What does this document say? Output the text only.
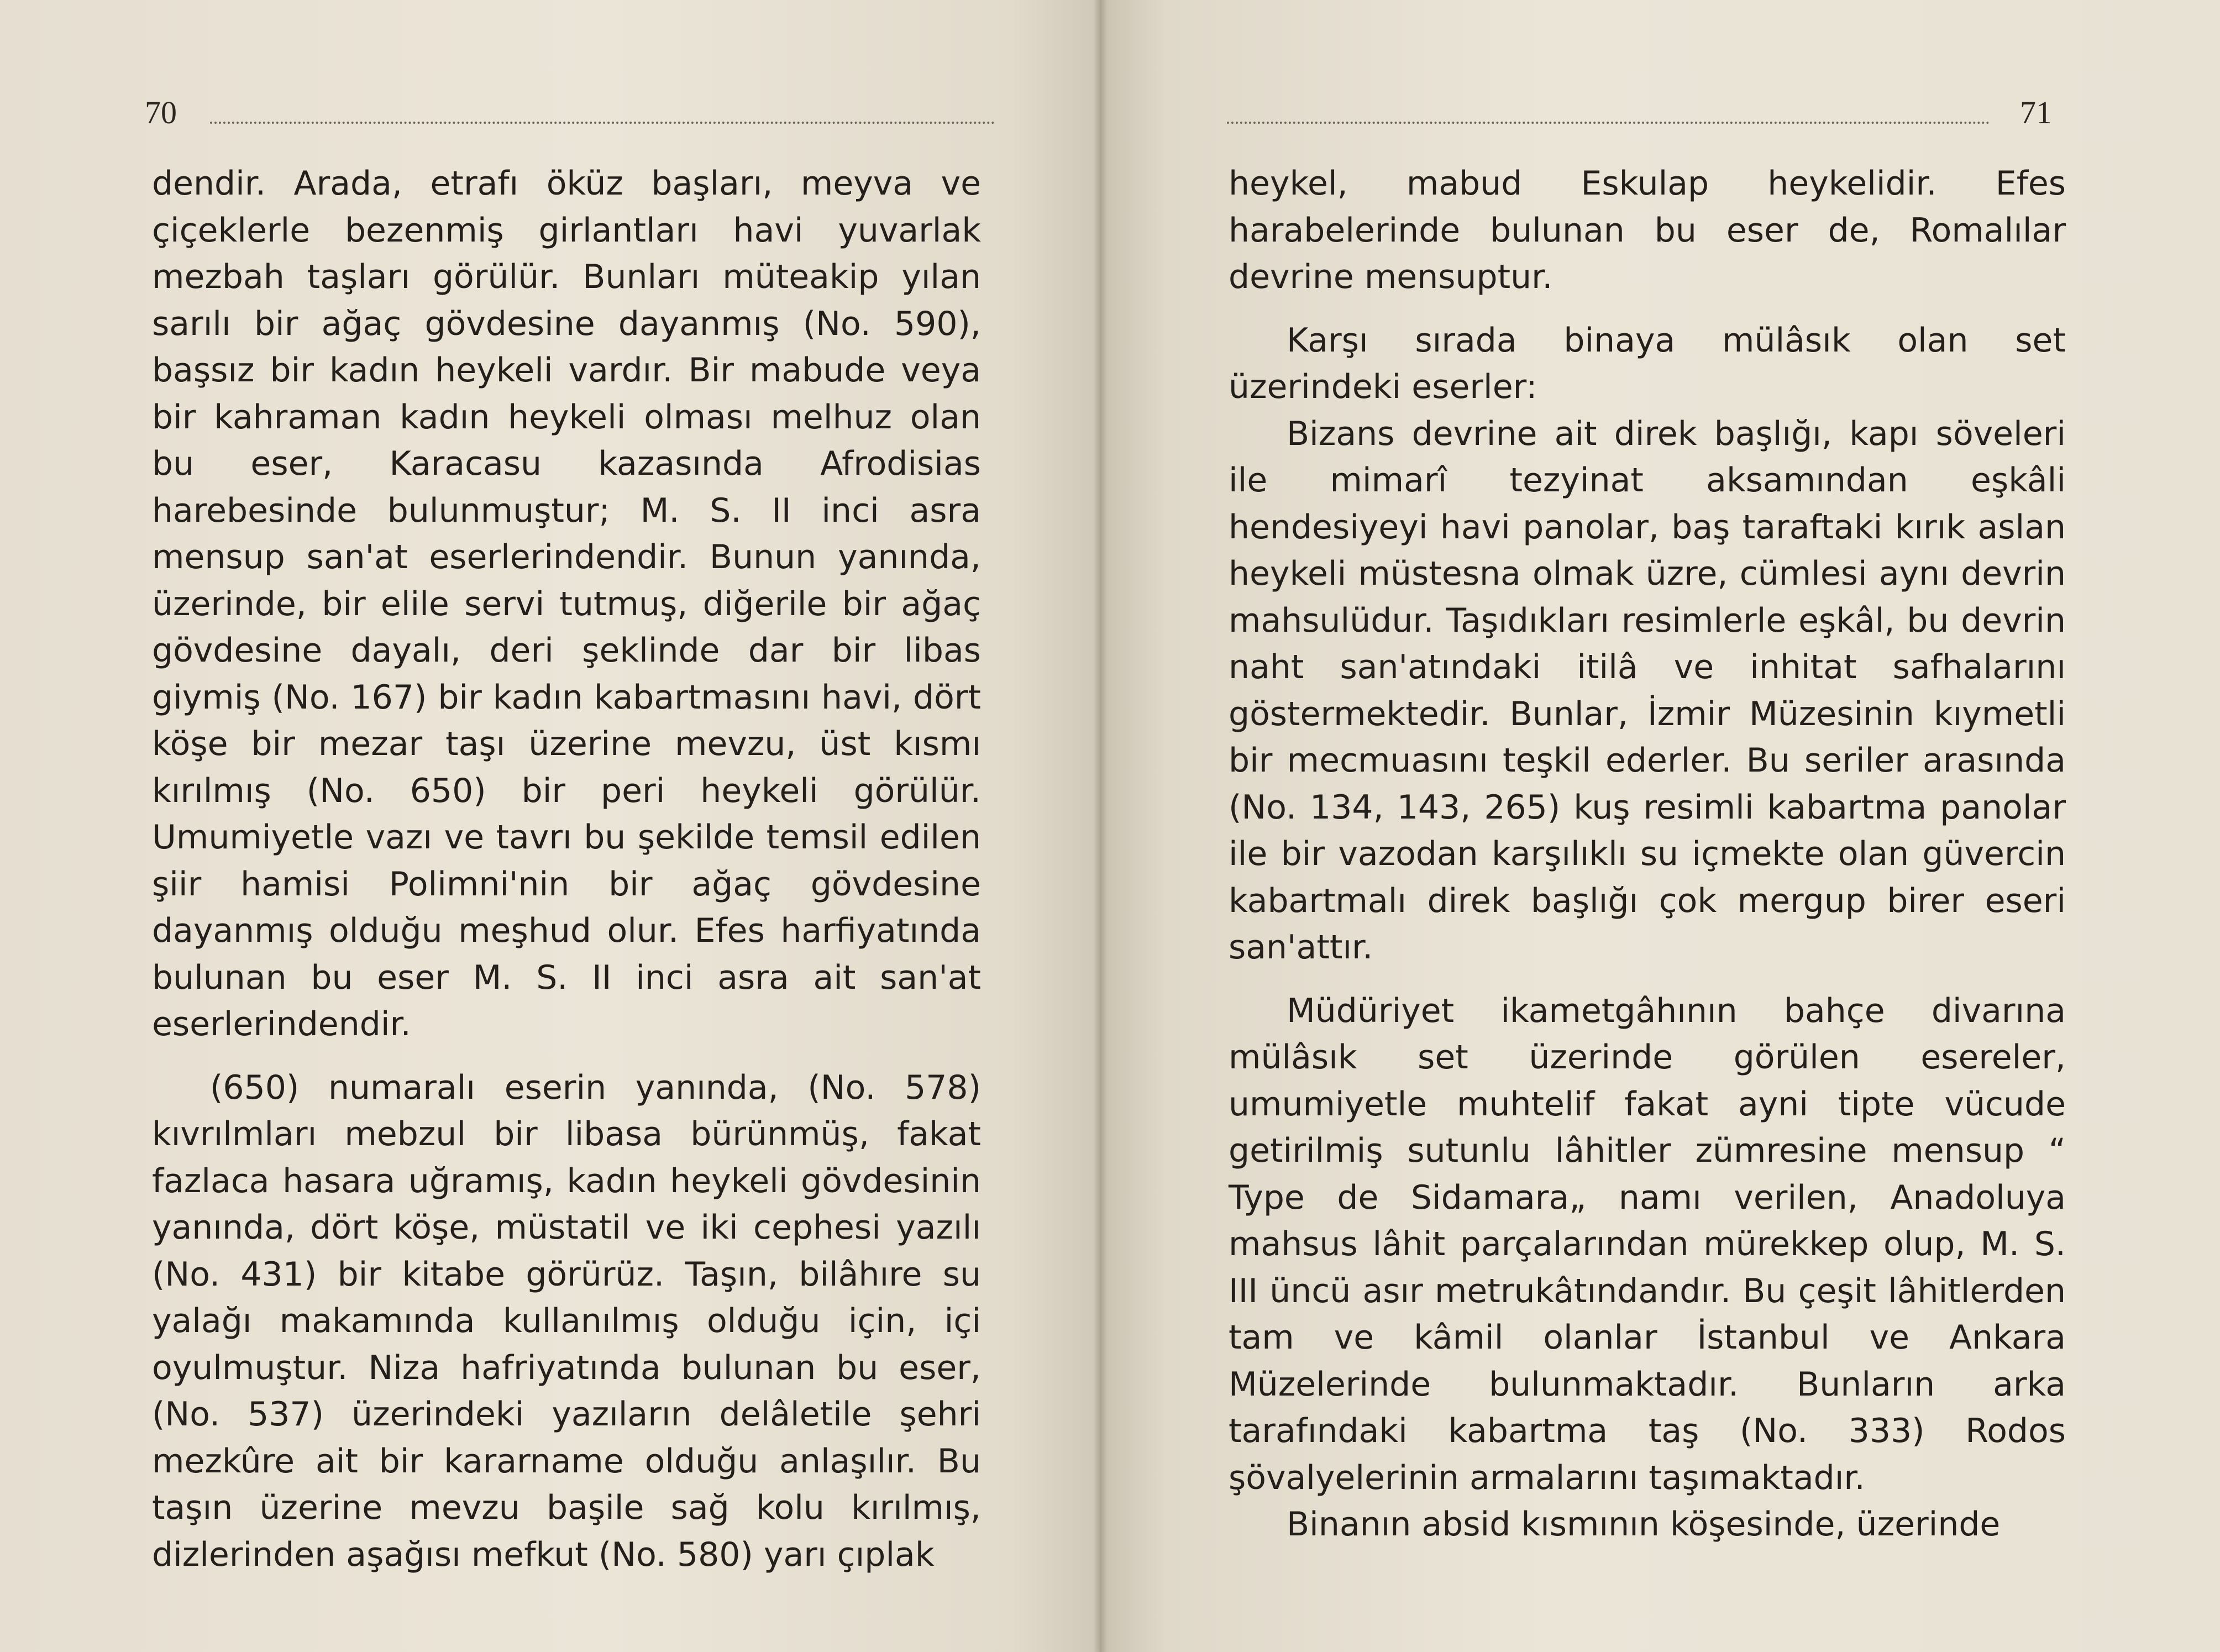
70

dendir. Arada, etrafı öküz başları, meyva ve çiçeklerle bezenmiş girlantları havi yuvarlak mezbah taşları görülür. Bunları müteakip yılan sarılı bir ağaç gövdesine dayanmış (No. 590), başsız bir kadın heykeli vardır. Bir mabude veya bir kahraman kadın heykeli olması melhuz olan bu eser, Karacasu kazasında Afrodisias harebesinde bulunmuştur; M. S. II inci asra mensup san'at eserlerindendir. Bunun yanında, üzerinde, bir elile servi tutmuş, diğerile bir ağaç gövdesine dayalı, deri şeklinde dar bir libas giymiş (No. 167) bir kadın kabartmasını havi, dört köşe bir mezar taşı üzerine mevzu, üst kısmı kırılmış (No. 650) bir peri heykeli görülür. Umumiyetle vazı ve tavrı bu şekilde temsil edilen şiir hamisi Polimni'nin bir ağaç gövdesine dayanmış olduğu meşhud olur. Efes harfiyatında bulunan bu eser M. S. II inci asra ait san'at eserlerindendir.

(650) numaralı eserin yanında, (No. 578) kıvrılmları mebzul bir libasa bürünmüş, fakat fazlaca hasara uğramış, kadın heykeli gövdesinin yanında, dört köşe, müstatil ve iki cephesi yazılı (No. 431) bir kitabe görürüz. Taşın, bilâhıre su yalağı makamında kullanılmış olduğu için, içi oyulmuştur. Niza hafriyatında bulunan bu eser, (No. 537) üzerindeki yazıların delâletile şehri mezkûre ait bir kararname olduğu anlaşılır. Bu taşın üzerine mevzu başile sağ kolu kırılmış, dizlerinden aşağısı mefkut (No. 580) yarı çıplak

71

heykel, mabud Eskulap heykelidir. Efes harabelerinde bulunan bu eser de, Romalılar devrine mensuptur.

Karşı sırada binaya mülâsık olan set üzerindeki eserler:

Bizans devrine ait direk başlığı, kapı söveleri ile mimarî tezyinat aksamından eşkâli hendesiyeyi havi panolar, baş taraftaki kırık aslan heykeli müstesna olmak üzre, cümlesi aynı devrin mahsulüdur. Taşıdıkları resimlerle eşkâl, bu devrin naht san'atındaki itilâ ve inhitat safhalarını göstermektedir. Bunlar, İzmir Müzesinin kıymetli bir mecmuasını teşkil ederler. Bu seriler arasında (No. 134, 143, 265) kuş resimli kabartma panolar ile bir vazodan karşılıklı su içmekte olan güvercin kabartmalı direk başlığı çok mergup birer eseri san'attır.

Müdüriyet ikametgâhının bahçe divarına mülâsık set üzerinde görülen esereler, umumiyetle muhtelif fakat ayni tipte vücude getirilmiş sutunlu lâhitler zümresine mensup “ Type de Sidamara„ namı verilen, Anadoluya mahsus lâhit parçalarından mürekkep olup, M. S. III üncü asır metrukâtındandır. Bu çeşit lâhitlerden tam ve kâmil olanlar İstanbul ve Ankara Müzelerinde bulunmaktadır. Bunların arka tarafındaki kabartma taş (No. 333) Rodos şövalyelerinin armalarını taşımaktadır.

Binanın absid kısmının köşesinde, üzerinde
